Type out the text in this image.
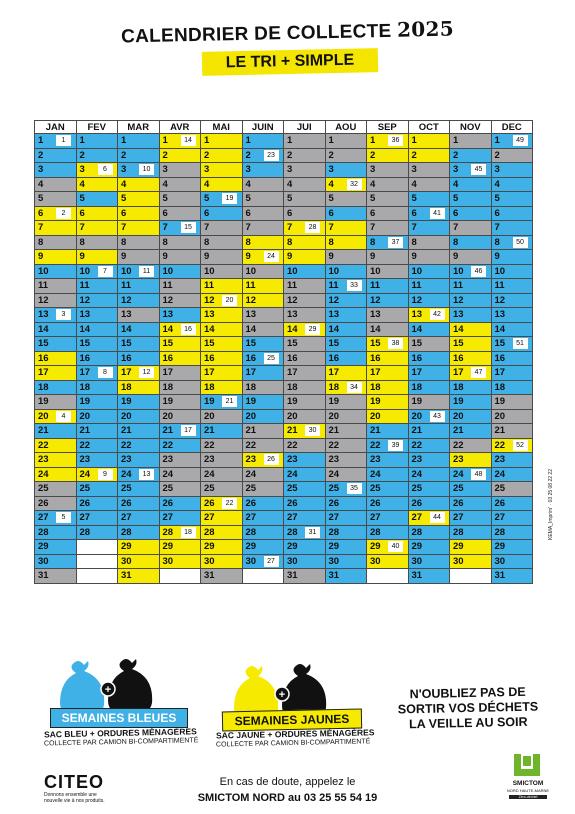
CALENDRIER DE COLLECTE 2025
LE TRI + SIMPLE
JAN	FEV	MAR	AVR	MAI	JUIN	JUI	AOU	SEP	OCT	NOV	DEC

1 1	1	1	1 14	1	1	1	1	1 36	1	1	1 49

2	2	2	2	2	2 23	2	2	2	2	2	2

3	3 6	3 10	3	3	3	3	3	3	3	3 45	3

4	4	4	4	4	4	4	4 32	4	4	4	4

5	5	5	5	5 19	5	5	5	5	5	5	5

6 2	6	6	6	6	6	6	6	6	6 41	6	6

7	7	7	7 15	7	7	7 28	7	7	7	7	7

8	8	8	8	8	8	8	8	8 37	8	8	8 50

9	9	9	9	9	9 24	9	9	9	9	9	9

10	10 7	10 11	10	10	10	10	10	10	10	10 46	10

11	11	11	11	11	11	11	11 33	11	11	11	11

12	12	12	12	12 20	12	12	12	12	12	12	12

13 3	13	13	13	13	13	13	13	13	13 42	13	13

14	14	14	14 16	14	14	14 29	14	14	14	14	14

15	15	15	15	15	15	15	15	15 38	15	15	15 51

16	16	16	16	16	16 25	16	16	16	16	16	16

17	17 8	17 12	17	17	17	17	17	17	17	17 47	17

18	18	18	18	18	18	18	18 34	18	18	18	18

19	19	19	19	19 21	19	19	19	19	19	19	19

20 4	20	20	20	20	20	20	20	20	20 43	20	20

21	21	21	21 17	21	21	21 30	21	21	21	21	21

22	22	22	22	22	22	22	22	22 39	22	22	22 52

23	23	23	23	23	23 26	23	23	23	23	23	23

24	24 9	24 13	24	24	24	24	24	24	24	24 48	24

25	25	25	25	25	25	25	25 35	25	25	25	25

26	26	26	26	26 22	26	26	26	26	26	26	26

27 5	27	27	27	27	27	27	27	27	27 44	27	27

28	28	28	28 18	28	28	28 31	28	28	28	28	28

29		29	29	29	29	29	29	29 40	29	29	29

30		30	30	30	30 27	30	30	30	30	30	30

31		31		31		31	31		31		31
KEMA_Imprim' · 03 25 08 22 22
+
SEMAINES BLEUES
SAC BLEU + ORDURES MÉNAGÈRES
COLLECTE PAR CAMION BI-COMPARTIMENTÉ
+
SEMAINES JAUNES
SAC JAUNE + ORDURES MÉNAGÈRES
COLLECTE PAR CAMION BI-COMPARTIMENTÉ
N'OUBLIEZ PAS DE
SORTIR VOS DÉCHETS
LA VEILLE AU SOIR
CITEO
Donnons ensemble une nouvelle vie à nos produits.
En cas de doute, appelez le
SMICTOM NORD au 03 25 55 54 19
SMICTOM
NORD HAUTE-MARNE
Zéro-déchet
